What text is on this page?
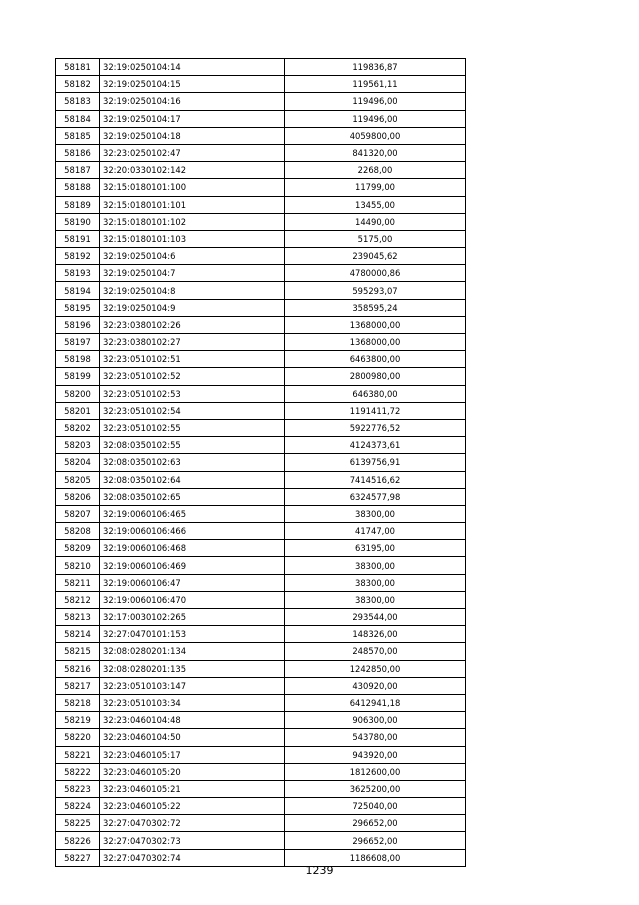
58181	32:19:0250104:14	119836,87
58182	32:19:0250104:15	119561,11
58183	32:19:0250104:16	119496,00
58184	32:19:0250104:17	119496,00
58185	32:19:0250104:18	4059800,00
58186	32:23:0250102:47	841320,00
58187	32:20:0330102:142	2268,00
58188	32:15:0180101:100	11799,00
58189	32:15:0180101:101	13455,00
58190	32:15:0180101:102	14490,00
58191	32:15:0180101:103	5175,00
58192	32:19:0250104:6	239045,62
58193	32:19:0250104:7	4780000,86
58194	32:19:0250104:8	595293,07
58195	32:19:0250104:9	358595,24
58196	32:23:0380102:26	1368000,00
58197	32:23:0380102:27	1368000,00
58198	32:23:0510102:51	6463800,00
58199	32:23:0510102:52	2800980,00
58200	32:23:0510102:53	646380,00
58201	32:23:0510102:54	1191411,72
58202	32:23:0510102:55	5922776,52
58203	32:08:0350102:55	4124373,61
58204	32:08:0350102:63	6139756,91
58205	32:08:0350102:64	7414516,62
58206	32:08:0350102:65	6324577,98
58207	32:19:0060106:465	38300,00
58208	32:19:0060106:466	41747,00
58209	32:19:0060106:468	63195,00
58210	32:19:0060106:469	38300,00
58211	32:19:0060106:47	38300,00
58212	32:19:0060106:470	38300,00
58213	32:17:0030102:265	293544,00
58214	32:27:0470101:153	148326,00
58215	32:08:0280201:134	248570,00
58216	32:08:0280201:135	1242850,00
58217	32:23:0510103:147	430920,00
58218	32:23:0510103:34	6412941,18
58219	32:23:0460104:48	906300,00
58220	32:23:0460104:50	543780,00
58221	32:23:0460105:17	943920,00
58222	32:23:0460105:20	1812600,00
58223	32:23:0460105:21	3625200,00
58224	32:23:0460105:22	725040,00
58225	32:27:0470302:72	296652,00
58226	32:27:0470302:73	296652,00
58227	32:27:0470302:74	1186608,00
1239
